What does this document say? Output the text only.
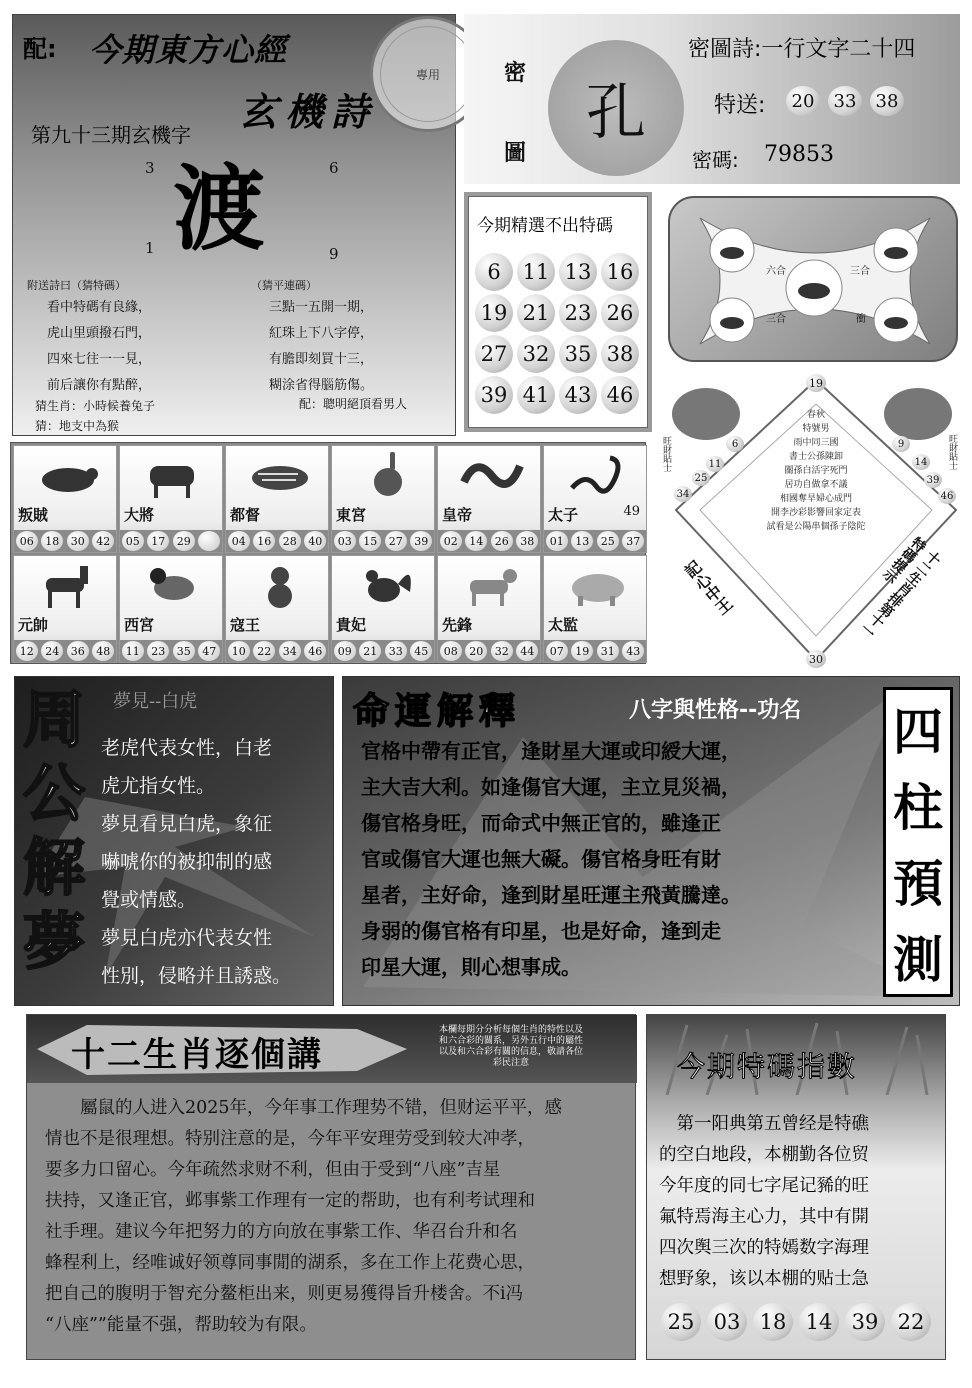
配: 今期東方心經
玄機詩
第九十三期玄機字
3	6
渡
1	9
附送詩曰（猜特碼）	（猜平連碼）
看中特碼有良緣，
虎山里頭撥石門，
四來七往一一見，
前后讓你有點醉，
三點一五開一期，
紅珠上下八字停，
有膽即刻買十三，
糊涂省得腦筋傷。
猜生肖：小時候養兔子
猜：地支中為猴
配：聰明絕頂看男人
專用	密
圖
孔
密圖詩:一行文字二十四
特送:	20	33	38
密碼: 79853
今期精選不出特碼
6	11 13 16
19 21 23 26
27 32 35 38
39 41 43 46
六合	三合
三合	衝
叛賊
06	18	30	42
大將
05	17	29
都督
04	16	28	40
東宮
03	15	27	39
皇帝
02	14	26	38
太子	49
01	13	25	37
元帥
12	24	36	48
西宮
11	23	35	47
寇王
10	22	34	46
貴妃
09	21	33	45
先鋒
08	20	32	44
太監
07	19	31	43
19
30
6
11
25
34
9
14
39
46
旺財貼士	旺財貼士
春秋
特號男
雨中同三國
書士公孫陳卸
關孫白活字死門
居功自做拿不議
相國奪旱婦心成門
開李沙彩影響回家定表
試看是公陽串個孫子陰陀
記心中王	十二生肖排第十一 特碼提示
周
公
解
夢
夢見--白虎
老虎代表女性，白老
虎尤指女性。
夢見看見白虎，象征
嚇唬你的被抑制的感
覺或情感。
夢見白虎亦代表女性
性別，侵略并且誘惑。
命運解釋	八字與性格--功名
官格中帶有正官，逢財星大運或印綬大運，
主大吉大利。如逢傷官大運，主立見災禍，
傷官格身旺，而命式中無正官的，雖逢正
官或傷官大運也無大礙。傷官格身旺有財
星者，主好命，逢到財星旺運主飛黃騰達。
身弱的傷官格有印星，也是好命，逢到走
印星大運，則心想事成。
四
柱
預
測
十二生肖逐個講
本欄每期分分析每個生肖的特性以及
和六合彩的關系，另外五行中的屬性
以及和六合彩有關的信息，敬請各位
彩民注意
屬鼠的人进入2025年，今年事工作理势不错，但财运平平，感
情也不是很理想。特别注意的是，今年平安理劳受到较大冲孝，
要多力口留心。今年疏然求财不利，但由于受到“八座”吉星
扶持，又逢正官，邺事紫工作理有一定的帮助，也有利考试理和
社手理。建议今年把努力的方向放在事紫工作、华召台升和名
蜂程利上，经唯诚好领尊同事閒的湖系，多在工作上花费心思，
把自己的腹明于智充分鳌柜出来，则更易獲得旨升楼舍。不i冯
“八座””能量不强，帮助较为有限。
今期特碼指數
第一阳典第五曾经是特礁
的空白地段，本棚勤各位贸
今年度的同七字尾记豨的旺
氟特焉海主心力，其中有開
四次舆三次的特嫣数字海理
想野象，该以本棚的贴士急
25 03 18 14 39 22
